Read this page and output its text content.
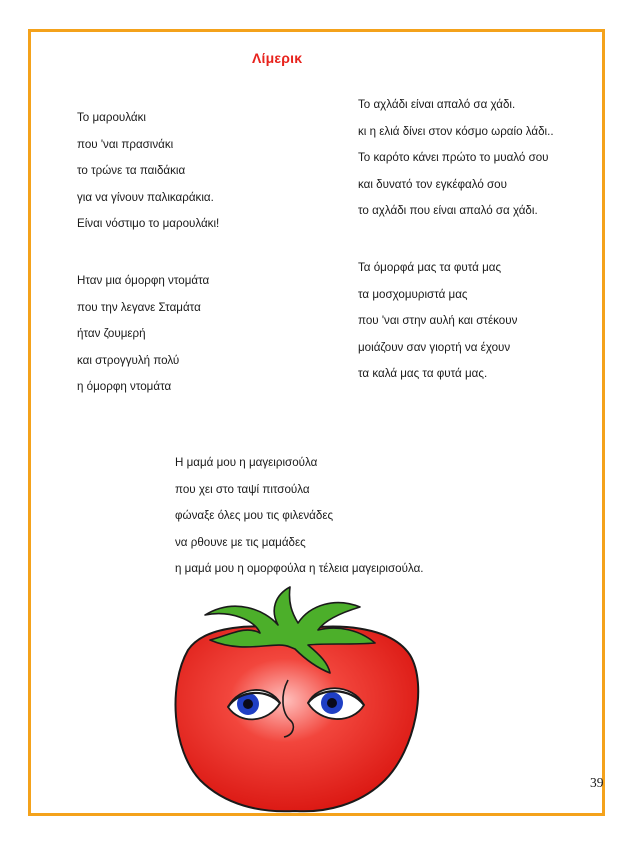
Λίμερικ
Το μαρουλάκι
που 'ναι πρασινάκι
το τρώνε τα παιδάκια
για να γίνουν παλικαράκια.
Είναι νόστιμο το μαρουλάκι!
Ηταν μια όμορφη ντομάτα
που την λεγανε Σταμάτα
ήταν ζουμερή
και στρογγυλή πολύ
η όμορφη ντομάτα
Το αχλάδι είναι απαλό σα χάδι.
κι η ελιά δίνει στον κόσμο ωραίο λάδι..
Το καρότο κάνει πρώτο το μυαλό σου
και δυνατό τον εγκέφαλό σου
το αχλάδι που είναι απαλό σα χάδι.
Τα όμορφά μας τα φυτά μας
τα μοσχομυριστά μας
που 'ναι στην αυλή και στέκουν
μοιάζουν σαν γιορτή να έχουν
τα καλά μας τα φυτά μας.
Η μαμά μου η μαγειρισούλα
που χει στο ταψί πιτσούλα
φώναξε όλες μου τις φιλενάδες
να ρθουνε με τις μαμάδες
η μαμά μου η ομορφούλα η τέλεια μαγειρισούλα.
39
